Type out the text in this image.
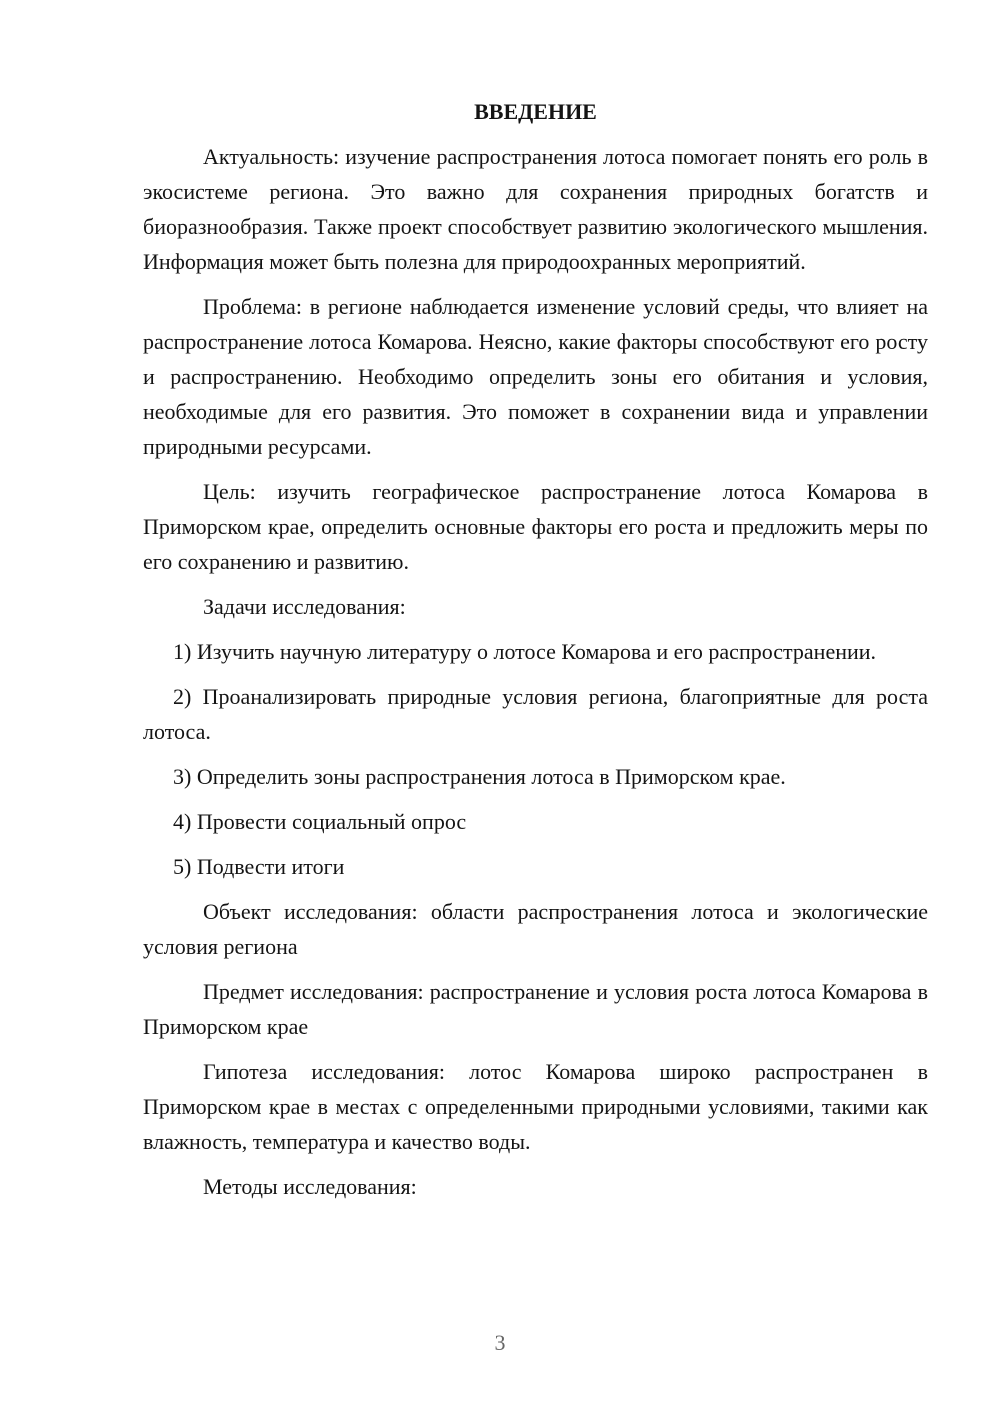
ВВЕДЕНИЕ

Актуальность: изучение распространения лотоса помогает понять его роль в экосистеме региона. Это важно для сохранения природных богатств и биоразнообразия. Также проект способствует развитию экологического мышления. Информация может быть полезна для природоохранных мероприятий.

Проблема: в регионе наблюдается изменение условий среды, что влияет на распространение лотоса Комарова. Неясно, какие факторы способствуют его росту и распространению. Необходимо определить зоны его обитания и условия, необходимые для его развития. Это поможет в сохранении вида и управлении природными ресурсами.

Цель: изучить географическое распространение лотоса Комарова в Приморском крае, определить основные факторы его роста и предложить меры по его сохранению и развитию.

Задачи исследования:

1) Изучить научную литературу о лотосе Комарова и его распространении.

2) Проанализировать природные условия региона, благоприятные для роста лотоса.

3) Определить зоны распространения лотоса в Приморском крае.

4) Провести социальный опрос

5) Подвести итоги

Объект исследования: области распространения лотоса и экологические условия региона

Предмет исследования: распространение и условия роста лотоса Комарова в Приморском крае

Гипотеза исследования: лотос Комарова широко распространен в Приморском крае в местах с определенными природными условиями, такими как влажность, температура и качество воды.

Методы исследования:

3
